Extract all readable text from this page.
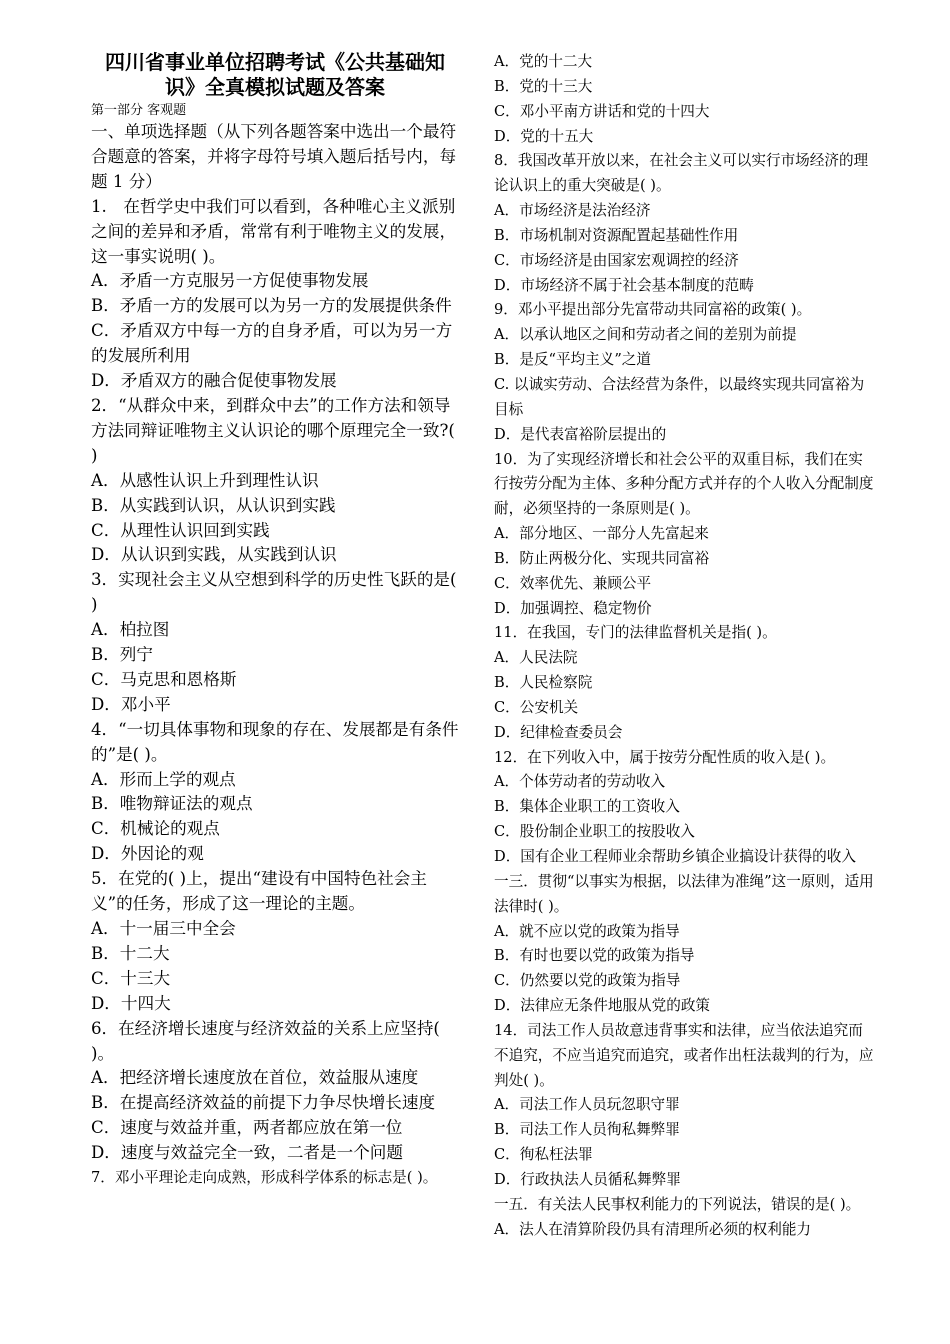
四川省事业单位招聘考试《公共基础知识》全真模拟试题及答案
第一部分 客观题

一、单项选择题（从下列各题答案中选出一个最符合题意的答案，并将字母符号填入题后括号内，每题 1 分）

1.　在哲学史中我们可以看到，各种唯心主义派别之间的差异和矛盾，常常有利于唯物主义的发展，这一事实说明( )。

A．矛盾一方克服另一方促使事物发展

B．矛盾一方的发展可以为另一方的发展提供条件

C．矛盾双方中每一方的自身矛盾，可以为另一方的发展所利用

D．矛盾双方的融合促使事物发展

2．“从群众中来，到群众中去”的工作方法和领导方法同辩证唯物主义认识论的哪个原理完全一致?( )

A．从感性认识上升到理性认识

B．从实践到认识，从认识到实践

C．从理性认识回到实践

D．从认识到实践，从实践到认识

3．实现社会主义从空想到科学的历史性飞跃的是( )

A．柏拉图

B．列宁

C．马克思和恩格斯

D．邓小平

4．“一切具体事物和现象的存在、发展都是有条件的”是( )。

A．形而上学的观点

B．唯物辩证法的观点

C．机械论的观点

D．外因论的观

5．在党的( )上，提出“建设有中国特色社会主义”的任务，形成了这一理论的主题。

A．十一届三中全会

B．十二大

C．十三大

D．十四大

6．在经济增长速度与经济效益的关系上应坚持( )。

A．把经济增长速度放在首位，效益服从速度

B．在提高经济效益的前提下力争尽快增长速度

C．速度与效益并重，两者都应放在第一位

D．速度与效益完全一致，二者是一个问题

7．邓小平理论走向成熟，形成科学体系的标志是( )。

A．党的十二大

B．党的十三大

C．邓小平南方讲话和党的十四大

D．党的十五大

8．我国改革开放以来，在社会主义可以实行市场经济的理论认识上的重大突破是( )。

A．市场经济是法治经济

B．市场机制对资源配置起基础性作用

C．市场经济是由国家宏观调控的经济

D．市场经济不属于社会基本制度的范畴

9．邓小平提出部分先富带动共同富裕的政策( )。

A．以承认地区之间和劳动者之间的差别为前提

B．是反“平均主义”之道

C. 以诚实劳动、合法经营为条件，以最终实现共同富裕为目标

D．是代表富裕阶层提出的

10．为了实现经济增长和社会公平的双重目标，我们在实行按劳分配为主体、多种分配方式并存的个人收入分配制度耐，必须坚持的一条原则是( )。

A．部分地区、一部分人先富起来

B．防止两极分化、实现共同富裕

C．效率优先、兼顾公平

D．加强调控、稳定物价

11．在我国，专门的法律监督机关是指( )。

A．人民法院

B．人民检察院

C．公安机关

D．纪律检查委员会

12．在下列收入中，属于按劳分配性质的收入是( )。

A．个体劳动者的劳动收入

B．集体企业职工的工资收入

C．股份制企业职工的按股收入

D．国有企业工程师业余帮助乡镇企业搞设计获得的收入

一三．贯彻“以事实为根据，以法律为准绳”这一原则，适用法律时( )。

A．就不应以党的政策为指导

B．有时也要以党的政策为指导

C．仍然要以党的政策为指导

D．法律应无条件地服从党的政策

14．司法工作人员故意违背事实和法律，应当依法追究而不追究，不应当追究而追究，或者作出枉法裁判的行为，应判处( )。

A．司法工作人员玩忽职守罪

B．司法工作人员徇私舞弊罪

C．徇私枉法罪

D．行政执法人员循私舞弊罪

一五．有关法人民事权利能力的下列说法，错误的是( )。

A．法人在清算阶段仍具有清理所必须的权利能力
